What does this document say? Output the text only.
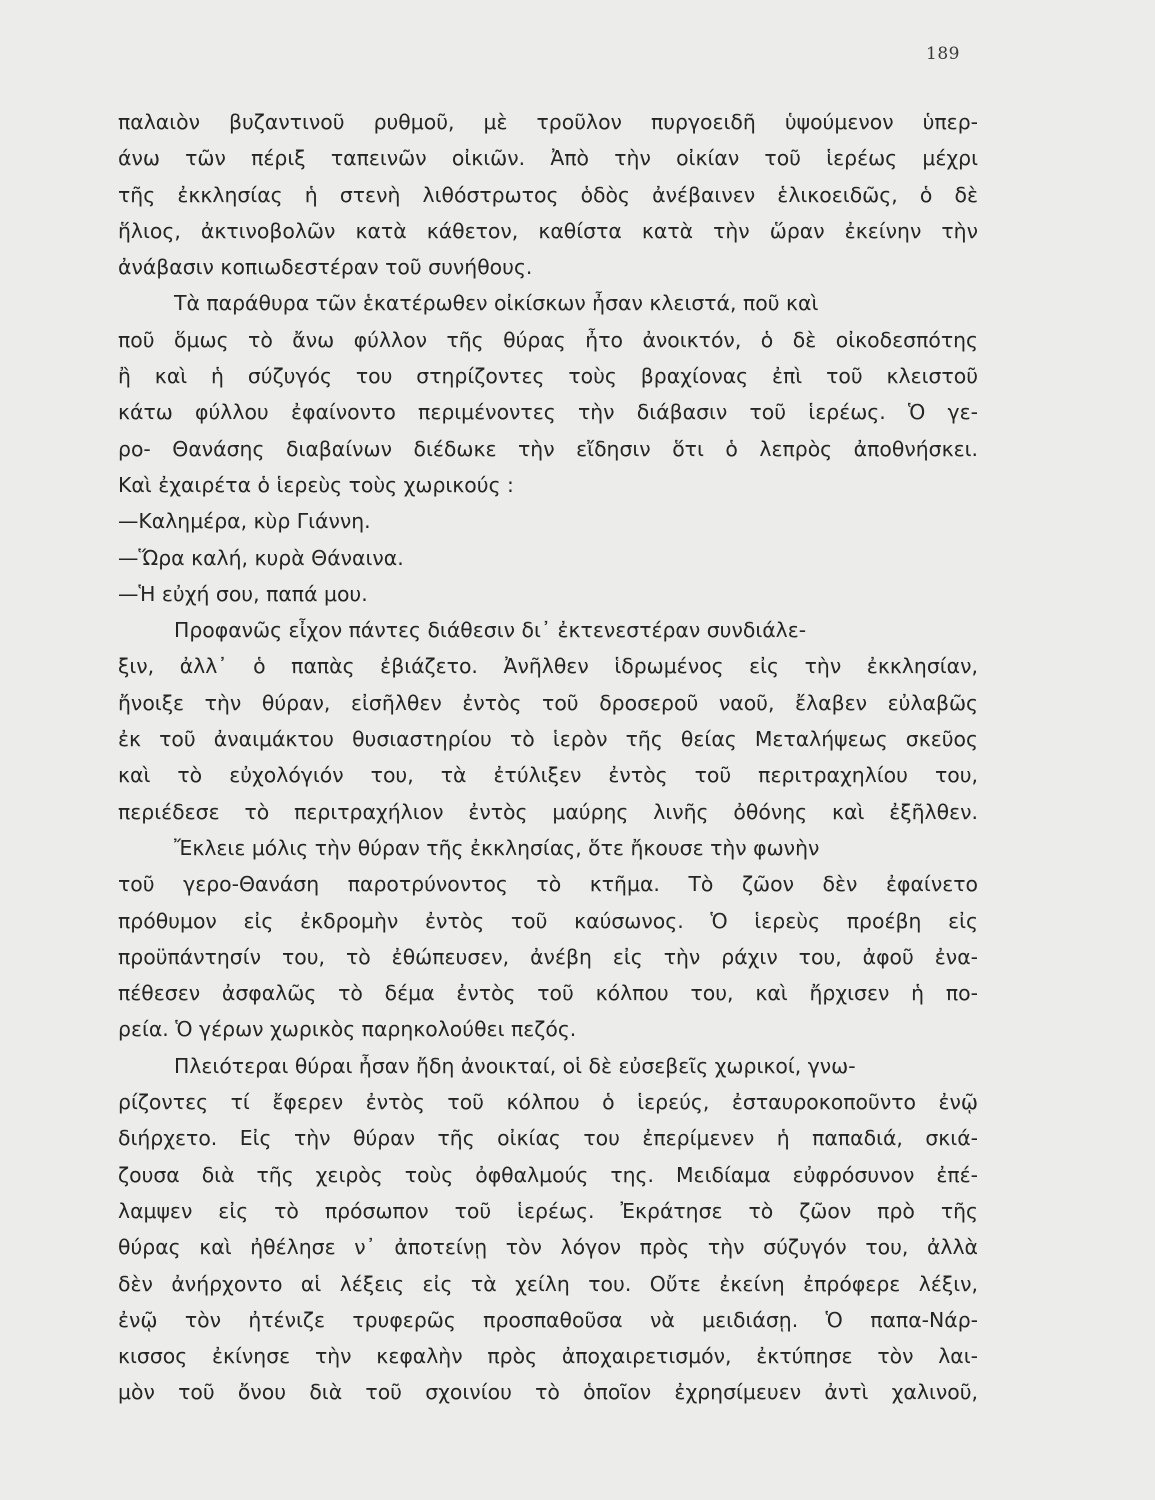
189
παλαιὸν βυζαντινοῦ ρυθμοῦ, μὲ τροῦλον πυργοειδῆ ὑψούμενον ὑπερ-
άνω τῶν πέριξ ταπεινῶν οἰκιῶν. Ἀπὸ τὴν οἰκίαν τοῦ ἱερέως μέχρι
τῆς ἐκκλησίας ἡ στενὴ λιθόστρωτος ὁδὸς ἀνέβαινεν ἑλικοειδῶς, ὁ δὲ
ἥλιος, ἀκτινοβολῶν κατὰ κάθετον, καθίστα κατὰ τὴν ὥραν ἐκείνην τὴν
ἀνάβασιν κοπιωδεστέραν τοῦ συνήθους.
Τὰ παράθυρα τῶν ἑκατέρωθεν οἰκίσκων ἦσαν κλειστά, ποῦ καὶ
ποῦ ὅμως τὸ ἄνω φύλλον τῆς θύρας ἦτο ἀνοικτόν, ὁ δὲ οἰκοδεσπότης
ἢ καὶ ἡ σύζυγός του στηρίζοντες τοὺς βραχίονας ἐπὶ τοῦ κλειστοῦ
κάτω φύλλου ἐφαίνοντο περιμένοντες τὴν διάβασιν τοῦ ἱερέως. Ὁ γε-
ρο- Θανάσης διαβαίνων διέδωκε τὴν εἴδησιν ὅτι ὁ λεπρὸς ἀποθνήσκει.
Καὶ ἐχαιρέτα ὁ ἱερεὺς τοὺς χωρικούς :
—Καλημέρα, κὺρ Γιάννη.
—Ὥρα καλή, κυρὰ Θάναινα.
—Ἡ εὐχή σου, παπά μου.
Προφανῶς εἶχον πάντες διάθεσιν δι᾽ ἐκτενεστέραν συνδιάλε-
ξιν, ἀλλ᾽ ὁ παπὰς ἐβιάζετο. Ἀνῆλθεν ἱδρωμένος εἰς τὴν ἐκκλησίαν,
ἤνοιξε τὴν θύραν, εἰσῆλθεν ἐντὸς τοῦ δροσεροῦ ναοῦ, ἔλαβεν εὐλαβῶς
ἐκ τοῦ ἀναιμάκτου θυσιαστηρίου τὸ ἱερὸν τῆς θείας Μεταλήψεως σκεῦος
καὶ τὸ εὐχολόγιόν του, τὰ ἐτύλιξεν ἐντὸς τοῦ περιτραχηλίου του,
περιέδεσε τὸ περιτραχήλιον ἐντὸς μαύρης λινῆς ὀθόνης καὶ ἐξῆλθεν.
Ἔκλειε μόλις τὴν θύραν τῆς ἐκκλησίας, ὅτε ἤκουσε τὴν φωνὴν
τοῦ γερο-Θανάση παροτρύνοντος τὸ κτῆμα. Τὸ ζῶον δὲν ἐφαίνετο
πρόθυμον εἰς ἐκδρομὴν ἐντὸς τοῦ καύσωνος. Ὁ ἱερεὺς προέβη εἰς
προϋπάντησίν του, τὸ ἐθώπευσεν, ἀνέβη εἰς τὴν ράχιν του, ἀφοῦ ἐνα-
πέθεσεν ἀσφαλῶς τὸ δέμα ἐντὸς τοῦ κόλπου του, καὶ ἤρχισεν ἡ πο-
ρεία. Ὁ γέρων χωρικὸς παρηκολούθει πεζός.
Πλειότεραι θύραι ἦσαν ἤδη ἀνοικταί, οἱ δὲ εὐσεβεῖς χωρικοί, γνω-
ρίζοντες τί ἔφερεν ἐντὸς τοῦ κόλπου ὁ ἱερεύς, ἐσταυροκοποῦντο ἐνῷ
διήρχετο. Εἰς τὴν θύραν τῆς οἰκίας του ἐπερίμενεν ἡ παπαδιά, σκιά-
ζουσα διὰ τῆς χειρὸς τοὺς ὀφθαλμούς της. Μειδίαμα εὐφρόσυνον ἐπέ-
λαμψεν εἰς τὸ πρόσωπον τοῦ ἱερέως. Ἐκράτησε τὸ ζῶον πρὸ τῆς
θύρας καὶ ἠθέλησε ν᾽ ἀποτείνῃ τὸν λόγον πρὸς τὴν σύζυγόν του, ἀλλὰ
δὲν ἀνήρχοντο αἱ λέξεις εἰς τὰ χείλη του. Οὔτε ἐκείνη ἐπρόφερε λέξιν,
ἐνῷ τὸν ἠτένιζε τρυφερῶς προσπαθοῦσα νὰ μειδιάσῃ. Ὁ παπα-Νάρ-
κισσος ἐκίνησε τὴν κεφαλὴν πρὸς ἀποχαιρετισμόν, ἐκτύπησε τὸν λαι-
μὸν τοῦ ὄνου διὰ τοῦ σχοινίου τὸ ὁποῖον ἐχρησίμευεν ἀντὶ χαλινοῦ,
